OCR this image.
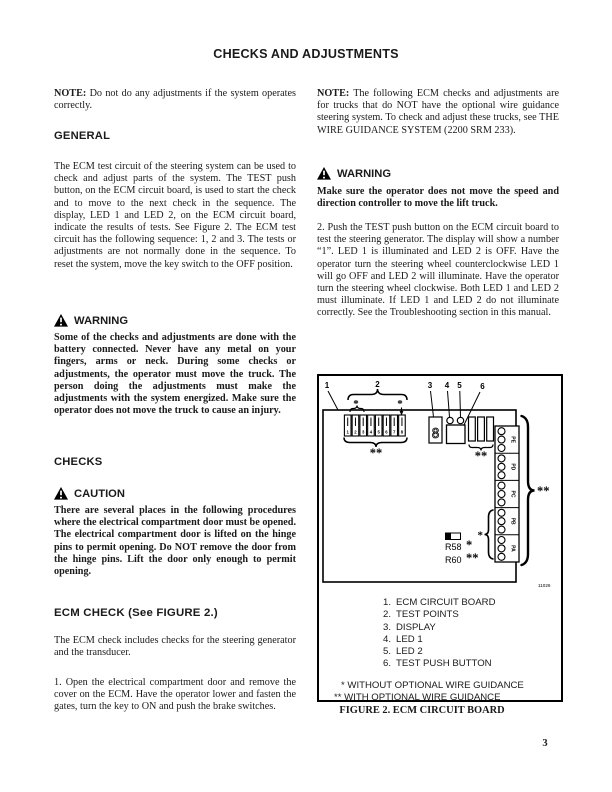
CHECKS AND ADJUSTMENTS
NOTE: Do not do any adjustments if the system operates correctly.
GENERAL
The ECM test circuit of the steering system can be used to check and adjust parts of the system. The TEST push button, on the ECM circuit board, is used to start the check and to move to the next check in the sequence. The display, LED 1 and LED 2, on the ECM circuit board, indicate the results of tests. See Figure 2. The ECM test circuit has the following sequence: 1, 2 and 3. The tests or adjustments are not normally done in the sequence. To reset the system, move the key switch to the OFF position.
WARNING
Some of the checks and adjustments are done with the battery connected. Never have any metal on your fingers, arms or neck. During some checks or adjustments, the operator must move the truck. The person doing the adjustments must make the adjustments with the system energized. Make sure the operator does not move the truck to cause an injury.
CHECKS
CAUTION
There are several places in the following procedures where the electrical compartment door must be opened. The electrical compartment door is lifted on the hinge pins to permit opening. Do NOT remove the door from the hinge pins. Lift the door only enough to permit opening.
ECM CHECK (See FIGURE 2.)
The ECM check includes checks for the steering generator and the transducer.
1. Open the electrical compartment door and remove the cover on the ECM. Have the operator lower and fasten the gates, turn the key to ON and push the brake switches.
NOTE: The following ECM checks and adjustments are for trucks that do NOT have the optional wire guidance steering system. To check and adjust these trucks, see THE WIRE GUIDANCE SYSTEM (2200 SRM 233).
WARNING
Make sure the operator does not move the speed and direction controller to move the lift truck.
2. Push the TEST push button on the ECM circuit board to test the steering generator. The display will show a number “1”. LED 1 is illuminated and LED 2 is OFF. Have the operator turn the steering wheel counterclockwise LED 1 will go OFF and LED 2 will illuminate. Have the operator turn the steering wheel clockwise. Both LED 1 and LED 2 must illuminate. If LED 1 and LED 2 do not illuminate correctly. See the Troubleshooting section in this manual.
1	2
*	*
1 2 3 4 5 6 7 8
**
3
8
4 5 6
**
PE
PD
PC
PB
PA
**
*
R58 *
R60 **
11026
1. ECM CIRCUIT BOARD
2. TEST POINTS
3. DISPLAY
4. LED 1
5. LED 2
6. TEST PUSH BUTTON
* WITHOUT OPTIONAL WIRE GUIDANCE
** WITH OPTIONAL WIRE GUIDANCE
FIGURE 2. ECM CIRCUIT BOARD
3
